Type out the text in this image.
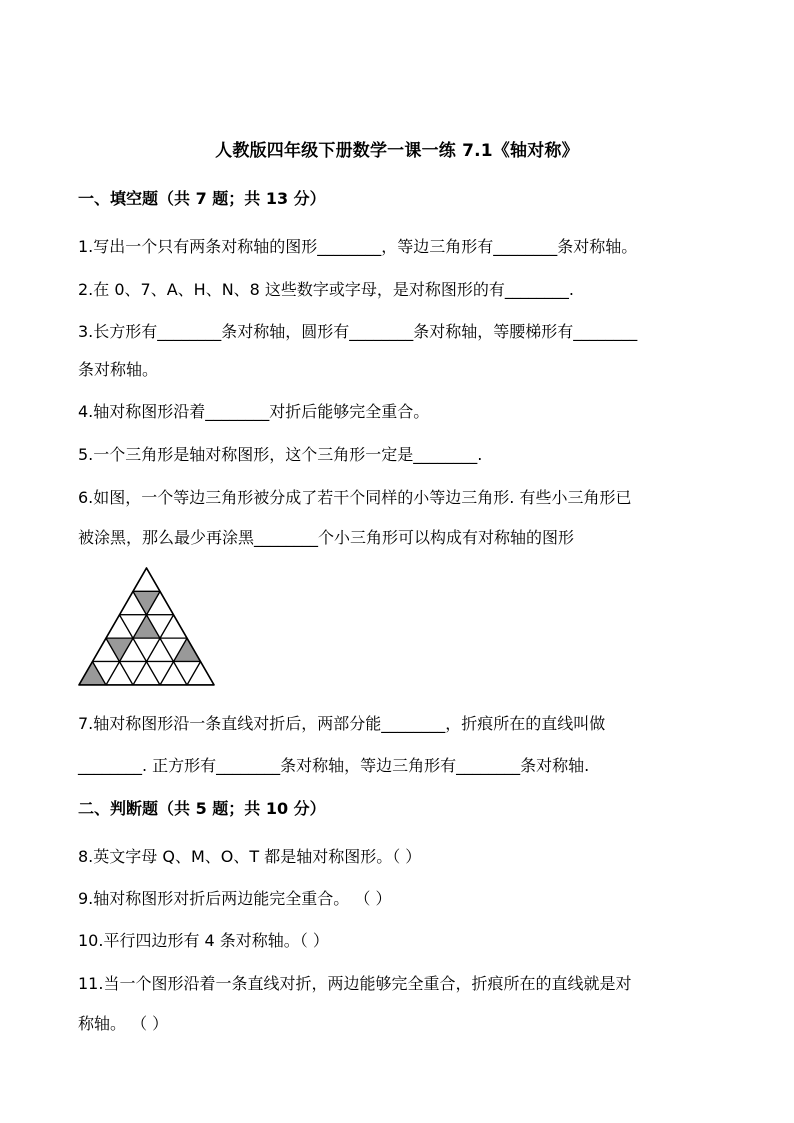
人教版四年级下册数学一课一练 7.1《轴对称》
一、填空题（共 7 题；共 13 分）
1.写出一个只有两条对称轴的图形________，等边三角形有________条对称轴。
2.在 0、7、A、H、N、8 这些数字或字母，是对称图形的有________.
3.长方形有________条对称轴，圆形有________条对称轴，等腰梯形有________
条对称轴。
4.轴对称图形沿着________对折后能够完全重合。
5.一个三角形是轴对称图形，这个三角形一定是________.
6.如图，一个等边三角形被分成了若干个同样的小等边三角形. 有些小三角形已
被涂黑，那么最少再涂黑________个小三角形可以构成有对称轴的图形
7.轴对称图形沿一条直线对折后，两部分能________，折痕所在的直线叫做
________. 正方形有________条对称轴，等边三角形有________条对称轴.
二、判断题（共 5 题；共 10 分）
8.英文字母 Q、M、O、T 都是轴对称图形。（ ）
9.轴对称图形对折后两边能完全重合。 （ ）
10.平行四边形有 4 条对称轴。（ ）
11.当一个图形沿着一条直线对折，两边能够完全重合，折痕所在的直线就是对
称轴。 （ ）
